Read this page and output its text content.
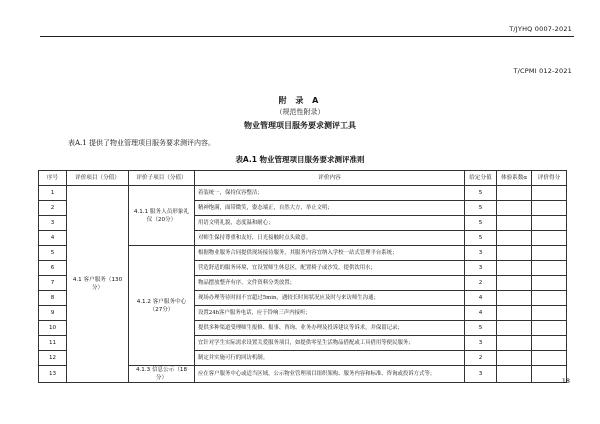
T/JYHQ 0007-2021
T/CPMI 012-2021
附 录 A
（规范性附录）
物业管理项目服务要求测评工具
表A.1 提供了物业管理项目服务要求测评内容。
表A.1 物业管理项目服务要求测评准则
序号	评价项目（分值）	评价子项目（分值）	评价内容	给定分值	体验系数α	评价得分
1	4.1 客户服务（130分）	4.1.1 服务人员形象礼仪（20分）	着装统一，保持仪容整洁；	5		
2			精神饱满，面带微笑，姿态端正，自然大方，举止文明；	5		
3			用语文明礼貌，态度温和耐心；	5		
4			对师生保持尊重和友好，日光接触时点头致意。	5		
5		4.1.2 客户服务中心（27分）	根据物业服务合同提供现场接待服务，其服务内容宜纳入学校一站式管理平台系统；	3		
6			营造舒适的服务环境，宜设置师生休息区，配置椅子或沙发，提供饮用水；	3		
7			物品摆放整齐有序，文件资料分类放置；	2		
8			现场办理等待时间不宜超过5min，遇较长时间状况应及时与来访师生沟通；	4		
9			设置24h客户服务电话，应于铃响三声内接听；	4		
10			提供多种渠道受理师生报修、报事、咨询、业务办理及投诉建议等诉求，并保留记录；	5		
11			宜针对学生实际需求设置关爱服务项目，如提供零星生活物品借配或工具借用等便民服务；	3		
12			制定并实施可行的回访机制。	2		
13		4.1.3 信息公示（18分）	应在客户服务中心或适当区域，公示物业管理项目组织架构、服务内容和标准、咨询或投诉方式等；	3		
18
